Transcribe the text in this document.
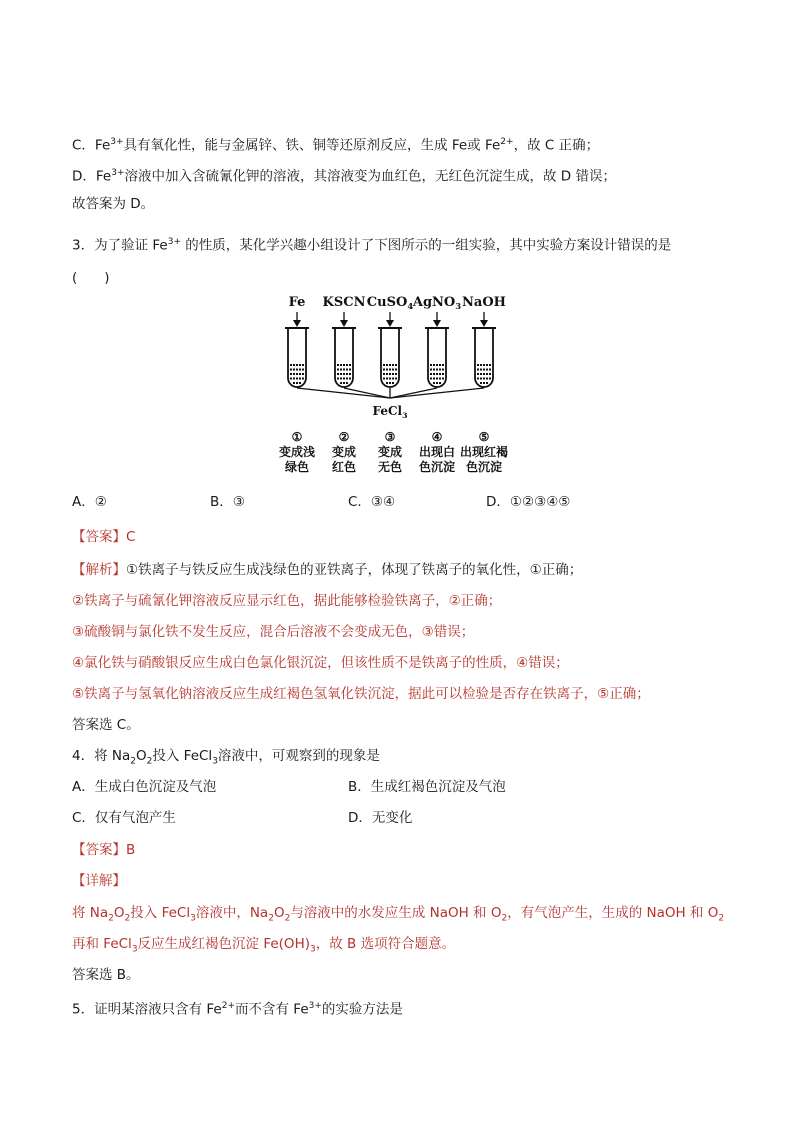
C．$Fe^{3+}$具有氧化性，能与金属锌、铁、铜等还原剂反应，生成 Fe或 $Fe^{2+}$，故 C 正确；
D．$Fe^{3+}$溶液中加入含硫氰化钾的溶液，其溶液变为血红色，无红色沉淀生成，故 D 错误；
故答案为 D。
3．为了验证 $Fe^{3+}$ 的性质，某化学兴趣小组设计了下图所示的一组实验，其中实验方案设计错误的是
(　　)
Fe
①
变成浅
绿色
KSCN
②
变成
红色
CuSO$_4$
③
变成
无色
AgNO$_3$
④
出现白
色沉淀
NaOH
⑤
出现红褐
色沉淀
FeCl$_3$
A．②	B．③	C．③④	D．①②③④⑤
【答案】C
【解析】①铁离子与铁反应生成浅绿色的亚铁离子，体现了铁离子的氧化性，①正确；
②铁离子与硫氰化钾溶液反应显示红色，据此能够检验铁离子，②正确；
③硫酸铜与氯化铁不发生反应，混合后溶液不会变成无色，③错误；
④氯化铁与硝酸银反应生成白色氯化银沉淀，但该性质不是铁离子的性质，④错误；
⑤铁离子与氢氧化钠溶液反应生成红褐色氢氧化铁沉淀，据此可以检验是否存在铁离子，⑤正确；
答案选 C。
4．将 $Na_2O_2$投入 FeCl$_3$溶液中，可观察到的现象是
A．生成白色沉淀及气泡	B．生成红褐色沉淀及气泡
C．仅有气泡产生	D．无变化
【答案】B
【详解】
将 $Na_2O_2$投入 FeCl$_3$溶液中，$Na_2O_2$与溶液中的水发应生成 NaOH 和 $O_2$，有气泡产生，生成的 NaOH 和 $O_2$
再和 FeCl$_3$反应生成红褐色沉淀 $Fe(OH)_3$，故 B 选项符合题意。
答案选 B。
5．证明某溶液只含有 $Fe^{2+}$而不含有 $Fe^{3+}$的实验方法是
